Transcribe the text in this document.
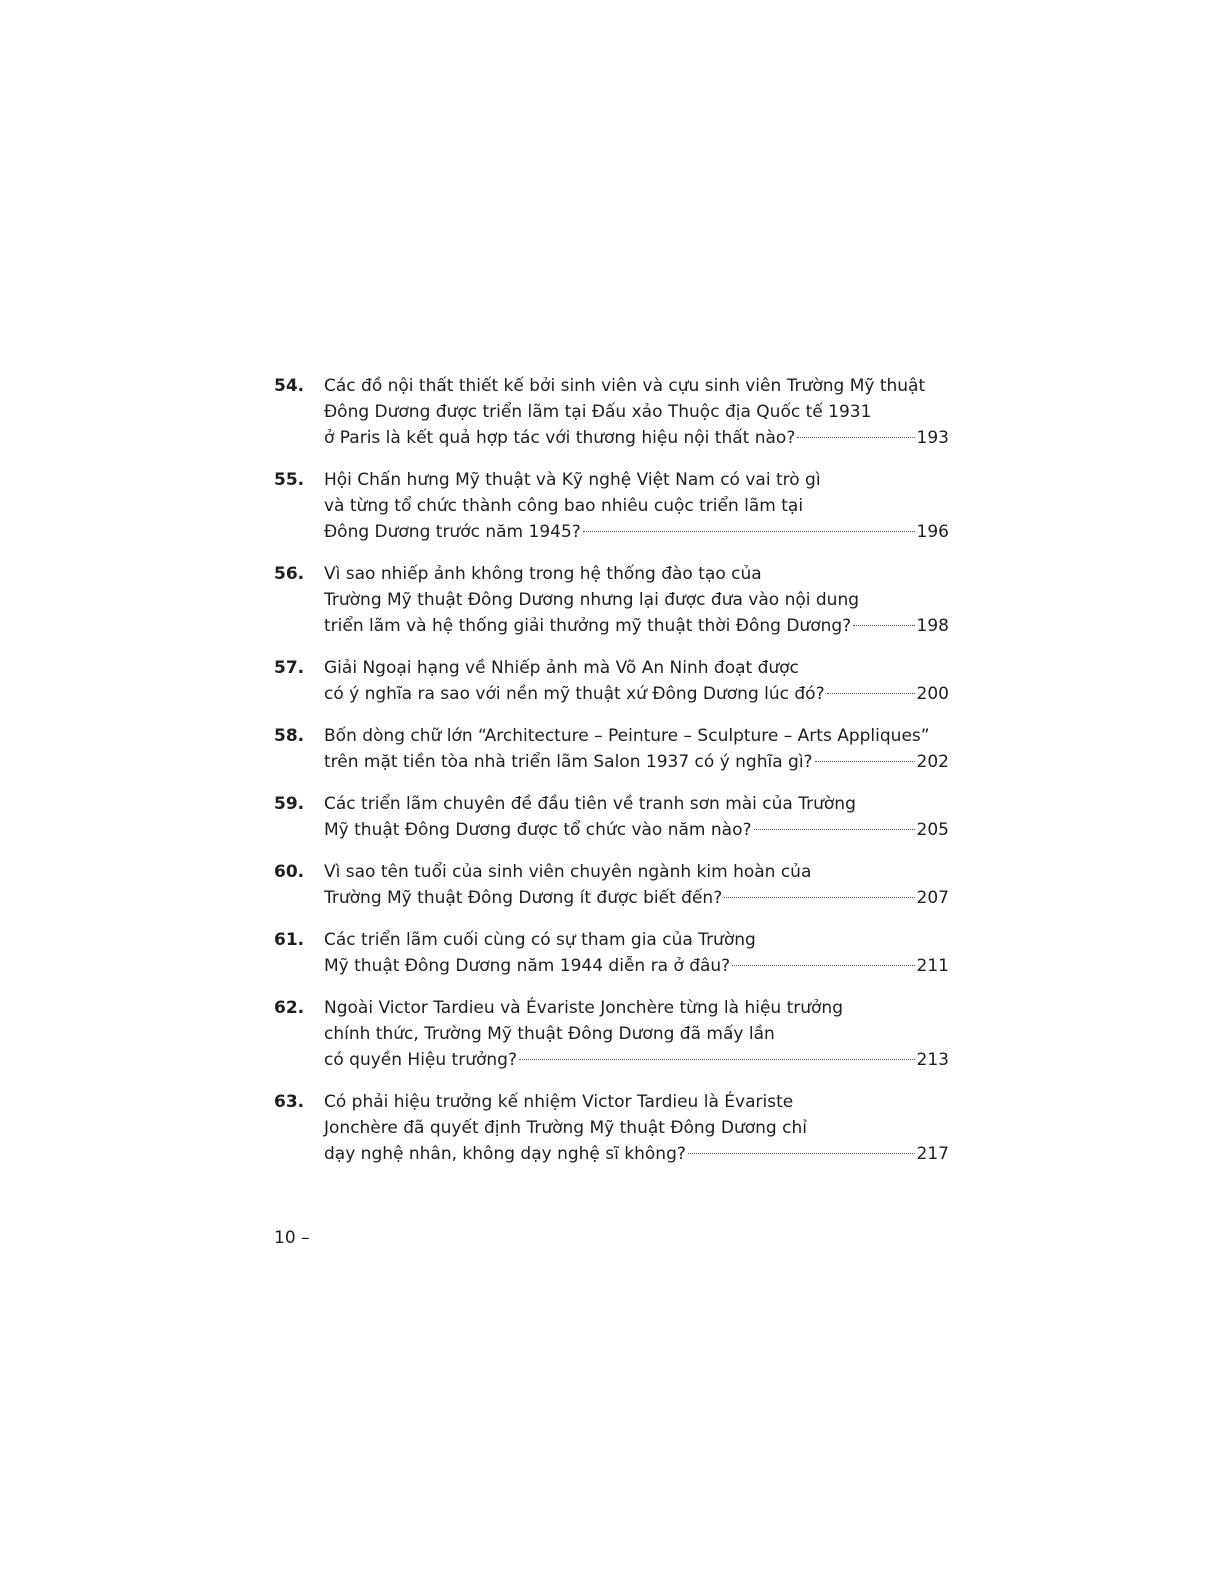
54.	Các đồ nội thất thiết kế bởi sinh viên và cựu sinh viên Trường Mỹ thuật
Đông Dương được triển lãm tại Đấu xảo Thuộc địa Quốc tế 1931
ở Paris là kết quả hợp tác với thương hiệu nội thất nào?	193
55.	Hội Chấn hưng Mỹ thuật và Kỹ nghệ Việt Nam có vai trò gì
và từng tổ chức thành công bao nhiêu cuộc triển lãm tại
Đông Dương trước năm 1945?	196
56.	Vì sao nhiếp ảnh không trong hệ thống đào tạo của
Trường Mỹ thuật Đông Dương nhưng lại được đưa vào nội dung
triển lãm và hệ thống giải thưởng mỹ thuật thời Đông Dương?	198
57.	Giải Ngoại hạng về Nhiếp ảnh mà Võ An Ninh đoạt được
có ý nghĩa ra sao với nền mỹ thuật xứ Đông Dương lúc đó?	200
58.	Bốn dòng chữ lớn “Architecture – Peinture – Sculpture – Arts Appliques”
trên mặt tiền tòa nhà triển lãm Salon 1937 có ý nghĩa gì?	202
59.	Các triển lãm chuyên đề đầu tiên về tranh sơn mài của Trường
Mỹ thuật Đông Dương được tổ chức vào năm nào?	205
60.	Vì sao tên tuổi của sinh viên chuyên ngành kim hoàn của
Trường Mỹ thuật Đông Dương ít được biết đến?	207
61.	Các triển lãm cuối cùng có sự tham gia của Trường
Mỹ thuật Đông Dương năm 1944 diễn ra ở đâu?	211
62.	Ngoài Victor Tardieu và Évariste Jonchère từng là hiệu trưởng
chính thức, Trường Mỹ thuật Đông Dương đã mấy lần
có quyền Hiệu trưởng?	213
63.	Có phải hiệu trưởng kế nhiệm Victor Tardieu là Évariste
Jonchère đã quyết định Trường Mỹ thuật Đông Dương chỉ
dạy nghệ nhân, không dạy nghệ sĩ không?	217
10 –
